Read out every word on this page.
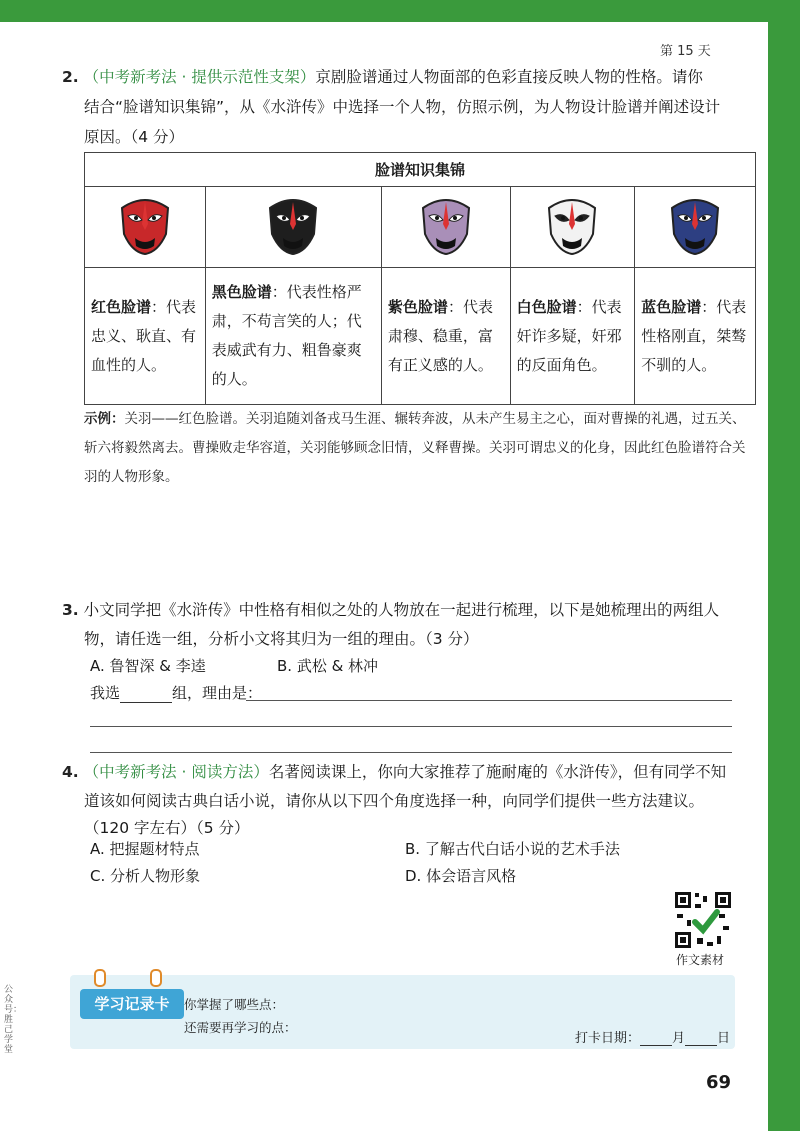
第 15 天
2. （中考新考法 · 提供示范性支架）京剧脸谱通过人物面部的色彩直接反映人物的性格。请你
结合“脸谱知识集锦”，从《水浒传》中选择一个人物，仿照示例，为人物设计脸谱并阐述设计
原因。（4 分）
脸谱知识集锦				

红色脸谱：代表忠义、耿直、有血性的人。	黑色脸谱：代表性格严肃，不苟言笑的人；代表威武有力、粗鲁豪爽的人。	紫色脸谱：代表肃穆、稳重，富有正义感的人。	白色脸谱：代表奸诈多疑，奸邪的反面角色。	蓝色脸谱：代表性格刚直，桀骜不驯的人。
示例：关羽——红色脸谱。关羽追随刘备戎马生涯、辗转奔波，从未产生易主之心，面对曹操的礼遇，过五关、斩六将毅然离去。曹操败走华容道，关羽能够顾念旧情，义释曹操。关羽可谓忠义的化身，因此红色脸谱符合关羽的人物形象。
3. 小文同学把《水浒传》中性格有相似之处的人物放在一起进行梳理，以下是她梳理出的两组人
物，请任选一组，分析小文将其归为一组的理由。（3 分）
A. 鲁智深 & 李逵	B. 武松 & 林冲
我选	组，理由是：
4. （中考新考法 · 阅读方法）名著阅读课上，你向大家推荐了施耐庵的《水浒传》，但有同学不知
道该如何阅读古典白话小说，请你从以下四个角度选择一种，向同学们提供一些方法建议。
（120 字左右）（5 分）
A. 把握题材特点	B. 了解古代白话小说的艺术手法
C. 分析人物形象	D. 体会语言风格
作文素材
学习记录卡	你掌握了哪些点：
还需要再学习的点：
打卡日期： 月 日
69
公众号：胜己学堂
